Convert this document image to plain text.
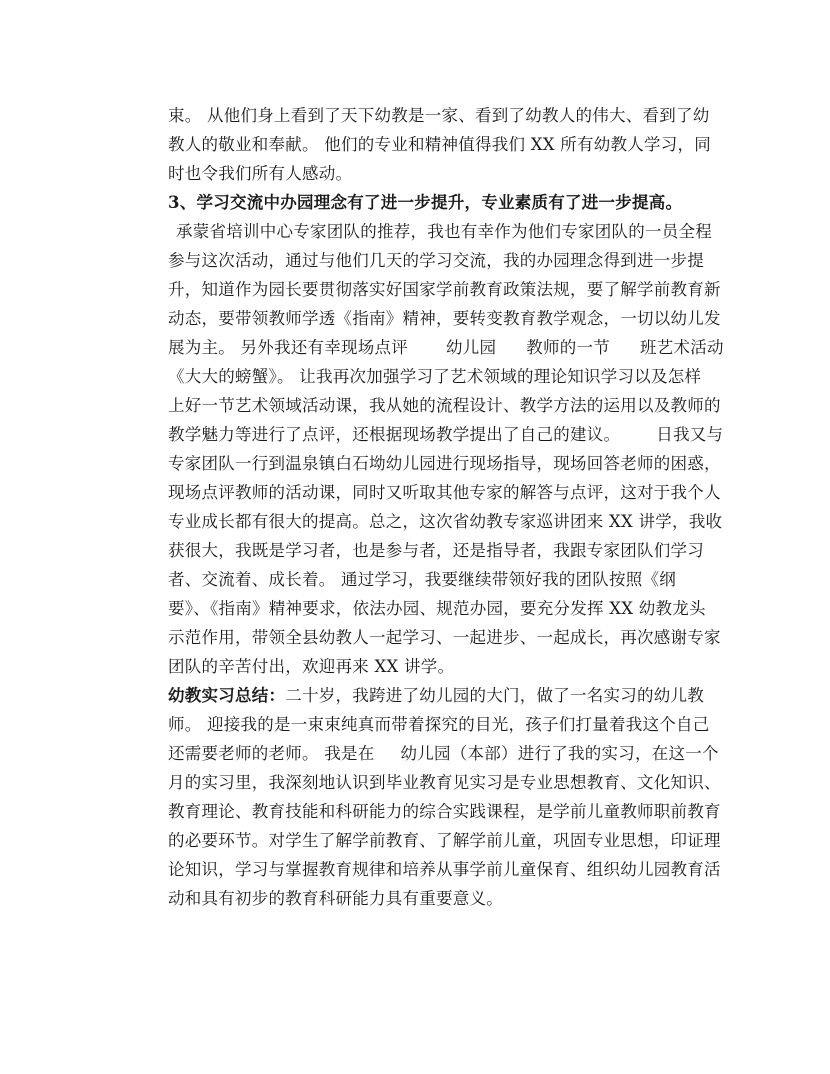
束。 从他们身上看到了天下幼教是一家、看到了幼教人的伟大、看到了幼
教人的敬业和奉献。 他们的专业和精神值得我们 XX 所有幼教人学习，同
时也令我们所有人感动。
3、学习交流中办园理念有了进一步提升，专业素质有了进一步提高。
承蒙省培训中心专家团队的推荐，我也有幸作为他们专家团队的一员全程
参与这次活动，通过与他们几天的学习交流，我的办园理念得到进一步提
升，知道作为园长要贯彻落实好国家学前教育政策法规，要了解学前教育新
动态，要带领教师学透《指南》精神，要转变教育教学观念，一切以幼儿发
展为主。 另外我还有幸现场点评 幼儿园 教师的一节 班艺术活动
《大大的螃蟹》。 让我再次加强学习了艺术领域的理论知识学习以及怎样
上好一节艺术领域活动课，我从她的流程设计、教学方法的运用以及教师的
教学魅力等进行了点评，还根据现场教学提出了自己的建议。 日我又与
专家团队一行到温泉镇白石坳幼儿园进行现场指导，现场回答老师的困惑，
现场点评教师的活动课，同时又听取其他专家的解答与点评，这对于我个人
专业成长都有很大的提高。总之，这次省幼教专家巡讲团来 XX 讲学，我收
获很大，我既是学习者，也是参与者，还是指导者，我跟专家团队们学习
者、交流着、成长着。 通过学习，我要继续带领好我的团队按照《纲
要》、《指南》精神要求，依法办园、规范办园，要充分发挥 XX 幼教龙头
示范作用，带领全县幼教人一起学习、一起进步、一起成长，再次感谢专家
团队的辛苦付出，欢迎再来 XX 讲学。
幼教实习总结：二十岁，我跨进了幼儿园的大门，做了一名实习的幼儿教
师。 迎接我的是一束束纯真而带着探究的目光，孩子们打量着我这个自己
还需要老师的老师。 我是在 幼儿园（本部）进行了我的实习，在这一个
月的实习里，我深刻地认识到毕业教育见实习是专业思想教育、文化知识、
教育理论、教育技能和科研能力的综合实践课程，是学前儿童教师职前教育
的必要环节。对学生了解学前教育、了解学前儿童，巩固专业思想，印证理
论知识，学习与掌握教育规律和培养从事学前儿童保育、组织幼儿园教育活
动和具有初步的教育科研能力具有重要意义。
